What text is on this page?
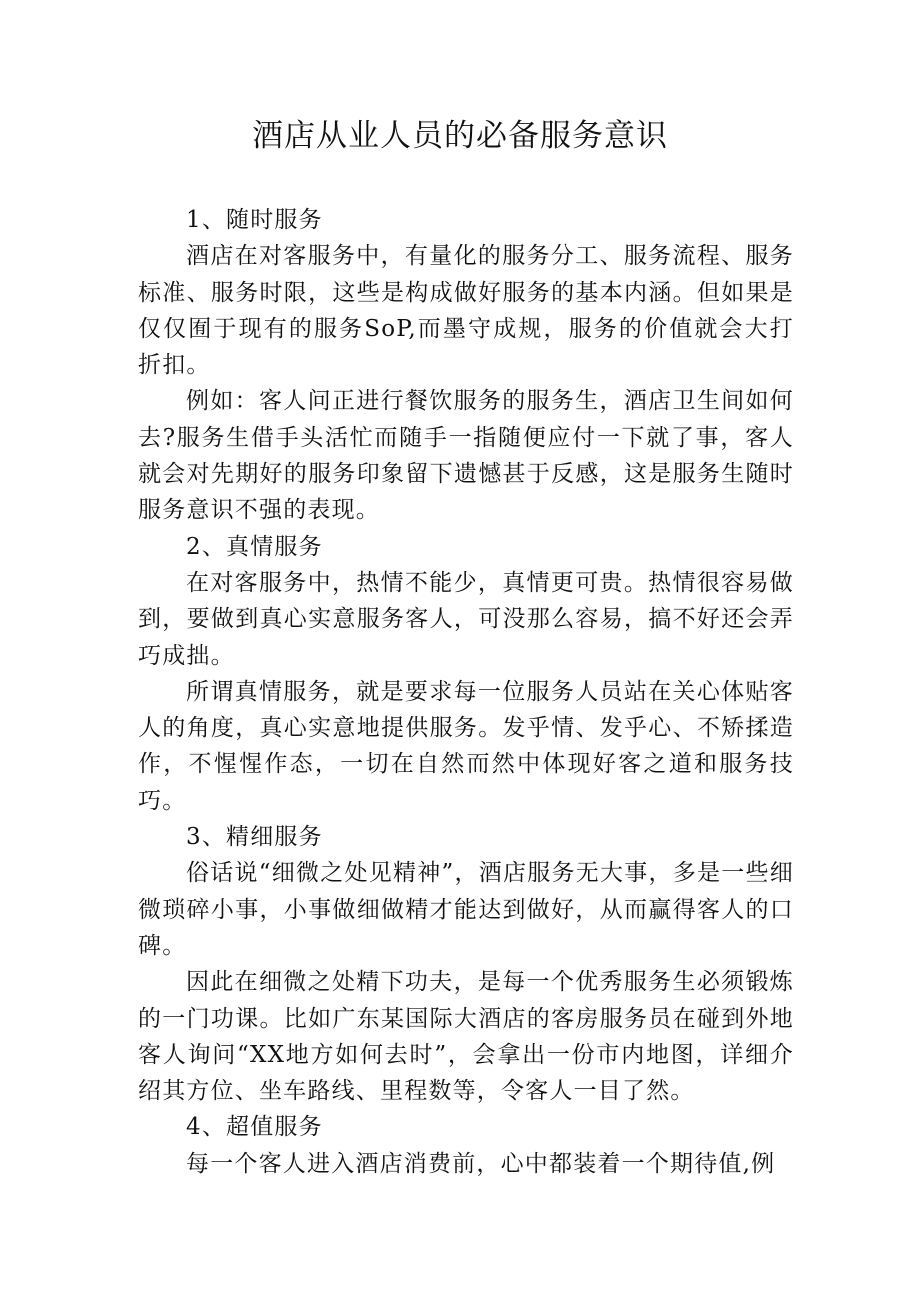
酒店从业人员的必备服务意识

1、随时服务

酒店在对客服务中，有量化的服务分工、服务流程、服务标准、服务时限，这些是构成做好服务的基本内涵。但如果是仅仅囿于现有的服务SoP,而墨守成规，服务的价值就会大打折扣。

例如：客人问正进行餐饮服务的服务生，酒店卫生间如何去?服务生借手头活忙而随手一指随便应付一下就了事，客人就会对先期好的服务印象留下遗憾甚于反感，这是服务生随时服务意识不强的表现。

2、真情服务

在对客服务中，热情不能少，真情更可贵。热情很容易做到，要做到真心实意服务客人，可没那么容易，搞不好还会弄巧成拙。

所谓真情服务，就是要求每一位服务人员站在关心体贴客人的角度，真心实意地提供服务。发乎情、发乎心、不矫揉造作，不惺惺作态，一切在自然而然中体现好客之道和服务技巧。

3、精细服务

俗话说“细微之处见精神”，酒店服务无大事，多是一些细微琐碎小事，小事做细做精才能达到做好，从而赢得客人的口碑。

因此在细微之处精下功夫，是每一个优秀服务生必须锻炼的一门功课。比如广东某国际大酒店的客房服务员在碰到外地客人询问“XX地方如何去时”，会拿出一份市内地图，详细介绍其方位、坐车路线、里程数等，令客人一目了然。

4、超值服务

每一个客人进入酒店消费前，心中都装着一个期待值,例
